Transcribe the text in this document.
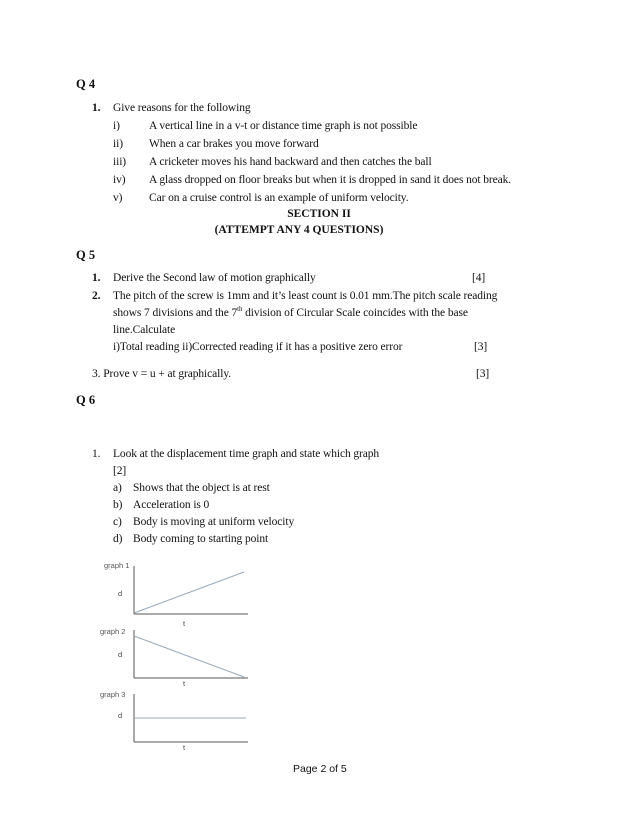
Q 4
1. Give reasons for the following
i)	A vertical line in a v-t or distance time graph is not possible
ii) When a car brakes you move forward
iii) A cricketer moves his hand backward and then catches the ball
iv) A glass dropped on floor breaks but when it is dropped in sand it does not break.
v) Car on a cruise control is an example of uniform velocity.
SECTION II
(ATTEMPT ANY 4 QUESTIONS)
Q 5
1. Derive the Second law of motion graphically	[4]
2. The pitch of the screw is 1mm and it’s least count is 0.01 mm.The pitch scale reading
shows 7 divisions and the 7th division of Circular Scale coincides with the base
line.Calculate
i)Total reading ii)Corrected reading if it has a positive zero error	[3]
3. Prove v = u + at graphically.	[3]
Q 6
1. Look at the displacement time graph and state which graph
[2]
a) Shows that the object is at rest
b) Acceleration is 0
c) Body is moving at uniform velocity
d) Body coming to starting point
graph 1
d
t
graph 2
d
t
graph 3
d
t
Page 2 of 5
